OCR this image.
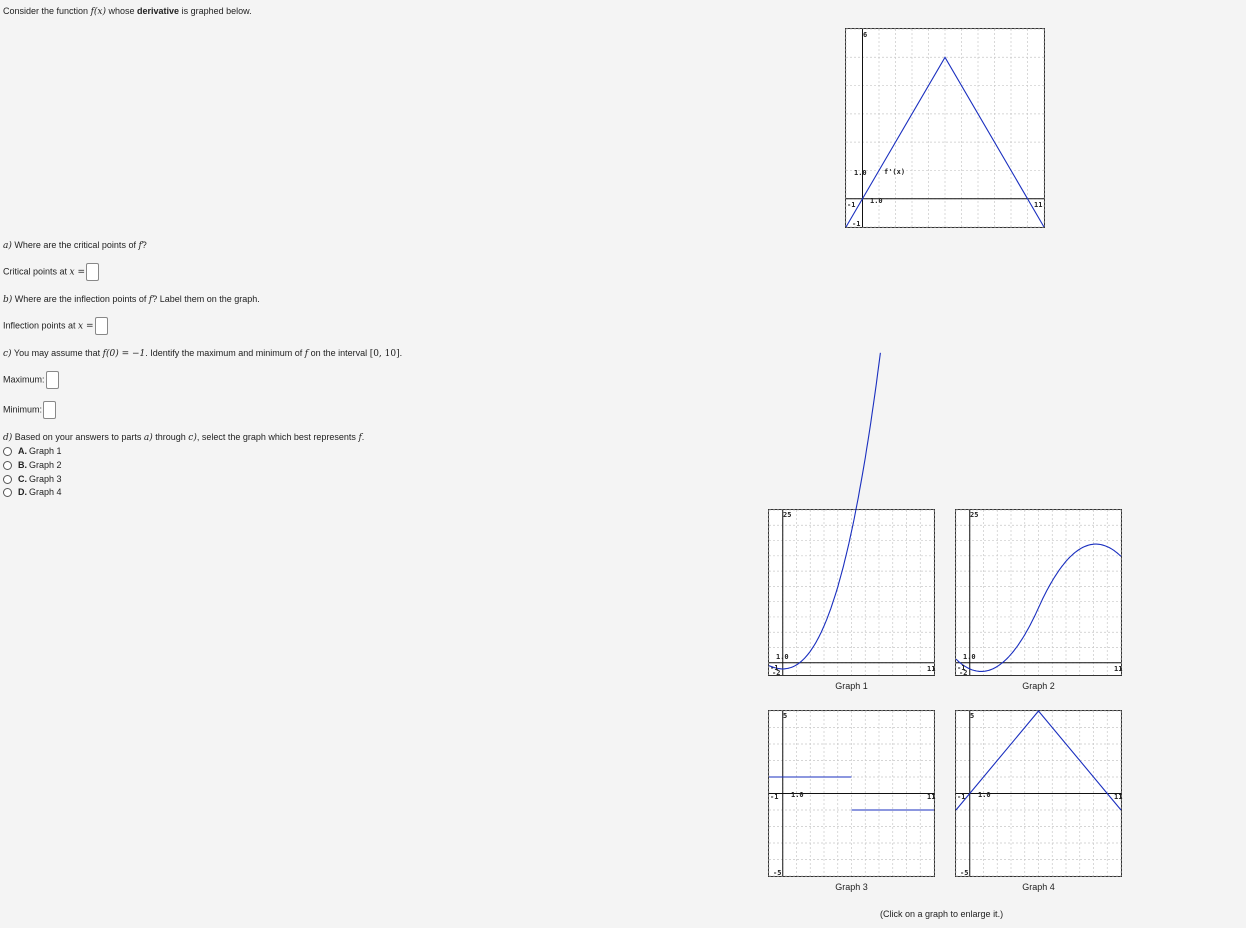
Consider the function f(x) whose derivative is graphed below.
a) Where are the critical points of f?
Critical points at x =
b) Where are the inflection points of f? Label them on the graph.
Inflection points at x =
c) You may assume that f(0) = −1. Identify the maximum and minimum of f on the interval [0, 10].
Maximum:
Minimum:
d) Based on your answers to parts a) through c), select the graph which best represents f.
A. Graph 1
B. Graph 2
C. Graph 3
D. Graph 4
6
-1	11
-1
1.0
1.0
f'(x)
25
11
-1
-2
1.0
Graph 1
25
11
-1
-2
1.0
Graph 2
5
11
-1
-5
1.0
Graph 3
5
11
-1
-5
1.0
Graph 4
(Click on a graph to enlarge it.)
